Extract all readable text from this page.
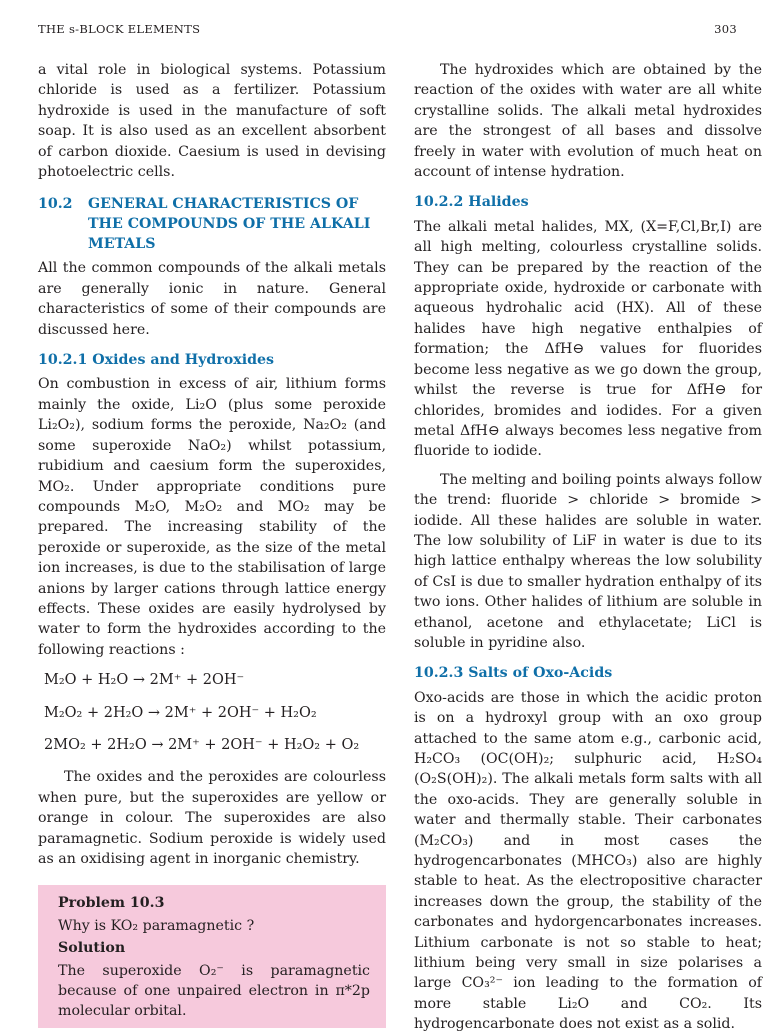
THE s-BLOCK ELEMENTS	303

a vital role in biological systems. Potassium chloride is used as a fertilizer. Potassium hydroxide is used in the manufacture of soft soap. It is also used as an excellent absorbent of carbon dioxide. Caesium is used in devising photoelectric cells.

10.2	GENERAL CHARACTERISTICS OF THE COMPOUNDS OF THE ALKALI METALS

All the common compounds of the alkali metals are generally ionic in nature. General characteristics of some of their compounds are discussed here.

10.2.1 Oxides and Hydroxides

On combustion in excess of air, lithium forms mainly the oxide, Li₂O (plus some peroxide Li₂O₂), sodium forms the peroxide, Na₂O₂ (and some superoxide NaO₂) whilst potassium, rubidium and caesium form the superoxides, MO₂. Under appropriate conditions pure compounds M₂O, M₂O₂ and MO₂ may be prepared. The increasing stability of the peroxide or superoxide, as the size of the metal ion increases, is due to the stabilisation of large anions by larger cations through lattice energy effects. These oxides are easily hydrolysed by water to form the hydroxides according to the following reactions :

M₂O + H₂O → 2M⁺ + 2OH⁻
M₂O₂ + 2H₂O → 2M⁺ + 2OH⁻ + H₂O₂
2MO₂ + 2H₂O → 2M⁺ + 2OH⁻ + H₂O₂ + O₂

The oxides and the peroxides are colourless when pure, but the superoxides are yellow or orange in colour. The superoxides are also paramagnetic. Sodium peroxide is widely used as an oxidising agent in inorganic chemistry.

Problem 10.3
Why is KO₂ paramagnetic ?
Solution

The superoxide O₂⁻ is paramagnetic because of one unpaired electron in π*2p molecular orbital.

The hydroxides which are obtained by the reaction of the oxides with water are all white crystalline solids. The alkali metal hydroxides are the strongest of all bases and dissolve freely in water with evolution of much heat on account of intense hydration.

10.2.2 Halides

The alkali metal halides, MX, (X=F,Cl,Br,I) are all high melting, colourless crystalline solids. They can be prepared by the reaction of the appropriate oxide, hydroxide or carbonate with aqueous hydrohalic acid (HX). All of these halides have high negative enthalpies of formation; the ΔfH⊖ values for fluorides become less negative as we go down the group, whilst the reverse is true for ΔfH⊖ for chlorides, bromides and iodides. For a given metal ΔfH⊖ always becomes less negative from fluoride to iodide.

The melting and boiling points always follow the trend: fluoride > chloride > bromide > iodide. All these halides are soluble in water. The low solubility of LiF in water is due to its high lattice enthalpy whereas the low solubility of CsI is due to smaller hydration enthalpy of its two ions. Other halides of lithium are soluble in ethanol, acetone and ethylacetate; LiCl is soluble in pyridine also.

10.2.3 Salts of Oxo-Acids

Oxo-acids are those in which the acidic proton is on a hydroxyl group with an oxo group attached to the same atom e.g., carbonic acid, H₂CO₃ (OC(OH)₂; sulphuric acid, H₂SO₄ (O₂S(OH)₂). The alkali metals form salts with all the oxo-acids. They are generally soluble in water and thermally stable. Their carbonates (M₂CO₃) and in most cases the hydrogencarbonates (MHCO₃) also are highly stable to heat. As the electropositive character increases down the group, the stability of the carbonates and hydorgencarbonates increases. Lithium carbonate is not so stable to heat; lithium being very small in size polarises a large CO₃²⁻ ion leading to the formation of more stable Li₂O and CO₂. Its hydrogencarbonate does not exist as a solid.
